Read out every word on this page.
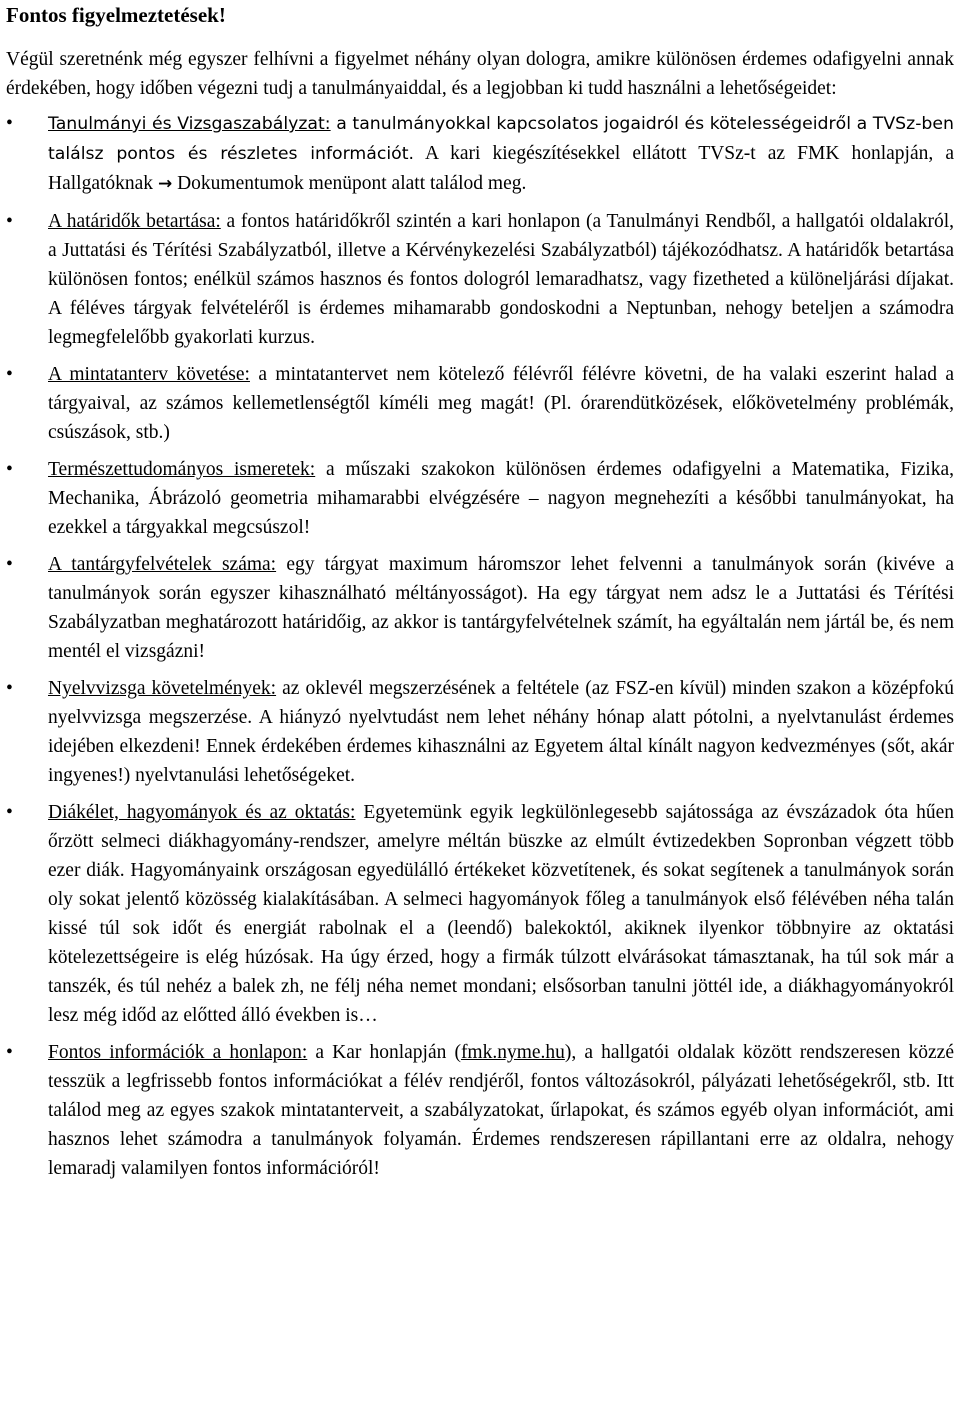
Fontos figyelmeztetések!
Végül szeretnénk még egyszer felhívni a figyelmet néhány olyan dologra, amikre különösen érdemes odafigyelni annak érdekében, hogy időben végezni tudj a tanulmányaiddal, és a legjobban ki tudd használni a lehetőségeidet:
•	Tanulmányi és Vizsgaszabályzat: a tanulmányokkal kapcsolatos jogaidról és kötelességeidről a TVSz-ben találsz pontos és részletes információt. A kari kiegészítésekkel ellátott TVSz-t az FMK honlapján, a Hallgatóknak → Dokumentumok menüpont alatt találod meg.
•	A határidők betartása: a fontos határidőkről szintén a kari honlapon (a Tanulmányi Rendből, a hallgatói oldalakról, a Juttatási és Térítési Szabályzatból, illetve a Kérvénykezelési Szabályzatból) tájékozódhatsz. A határidők betartása különösen fontos; enélkül számos hasznos és fontos dologról lemaradhatsz, vagy fizetheted a különeljárási díjakat. A féléves tárgyak felvételéről is érdemes mihamarabb gondoskodni a Neptunban, nehogy beteljen a számodra legmegfelelőbb gyakorlati kurzus.
•	A mintatanterv követése: a mintatantervet nem kötelező félévről félévre követni, de ha valaki eszerint halad a tárgyaival, az számos kellemetlenségtől kíméli meg magát! (Pl. órarendütközések, előkövetelmény problémák, csúszások, stb.)
•	Természettudományos ismeretek: a műszaki szakokon különösen érdemes odafigyelni a Matematika, Fizika, Mechanika, Ábrázoló geometria mihamarabbi elvégzésére – nagyon megnehezíti a későbbi tanulmányokat, ha ezekkel a tárgyakkal megcsúszol!
•	A tantárgyfelvételek száma: egy tárgyat maximum háromszor lehet felvenni a tanulmányok során (kivéve a tanulmányok során egyszer kihasználható méltányosságot). Ha egy tárgyat nem adsz le a Juttatási és Térítési Szabályzatban meghatározott határidőig, az akkor is tantárgyfelvételnek számít, ha egyáltalán nem jártál be, és nem mentél el vizsgázni!
•	Nyelvvizsga követelmények: az oklevél megszerzésének a feltétele (az FSZ-en kívül) minden szakon a középfokú nyelvvizsga megszerzése. A hiányzó nyelvtudást nem lehet néhány hónap alatt pótolni, a nyelvtanulást érdemes idejében elkezdeni! Ennek érdekében érdemes kihasználni az Egyetem által kínált nagyon kedvezményes (sőt, akár ingyenes!) nyelvtanulási lehetőségeket.
•	Diákélet, hagyományok és az oktatás: Egyetemünk egyik legkülönlegesebb sajátossága az évszázadok óta hűen őrzött selmeci diákhagyomány-rendszer, amelyre méltán büszke az elmúlt évtizedekben Sopronban végzett több ezer diák. Hagyományaink országosan egyedülálló értékeket közvetítenek, és sokat segítenek a tanulmányok során oly sokat jelentő közösség kialakításában. A selmeci hagyományok főleg a tanulmányok első félévében néha talán kissé túl sok időt és energiát rabolnak el a (leendő) balekoktól, akiknek ilyenkor többnyire az oktatási kötelezettségeire is elég húzósak. Ha úgy érzed, hogy a firmák túlzott elvárásokat támasztanak, ha túl sok már a tanszék, és túl nehéz a balek zh, ne félj néha nemet mondani; elsősorban tanulni jöttél ide, a diákhagyományokról lesz még időd az előtted álló években is…
•	Fontos információk a honlapon: a Kar honlapján (fmk.nyme.hu), a hallgatói oldalak között rendszeresen közzé tesszük a legfrissebb fontos információkat a félév rendjéről, fontos változásokról, pályázati lehetőségekről, stb. Itt találod meg az egyes szakok mintatanterveit, a szabályzatokat, űrlapokat, és számos egyéb olyan információt, ami hasznos lehet számodra a tanulmányok folyamán. Érdemes rendszeresen rápillantani erre az oldalra, nehogy lemaradj valamilyen fontos információról!
